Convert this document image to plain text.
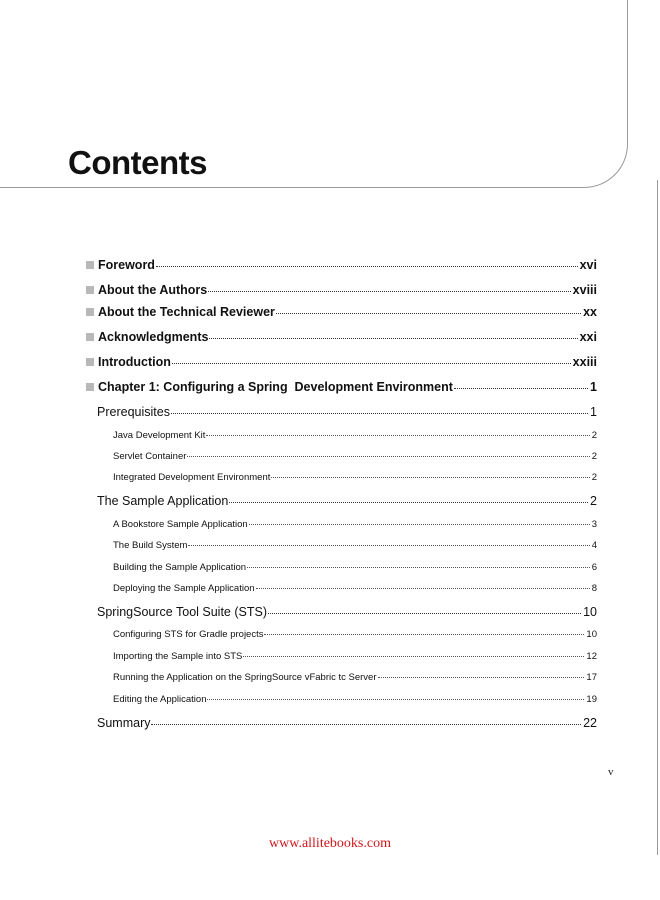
Contents
Foreword	xvi
About the Authors	xviii
About the Technical Reviewer	xx
Acknowledgments	xxi
Introduction	xxiii
Chapter 1: Configuring a Spring  Development Environment	1
Prerequisites	1
Java Development Kit	2
Servlet Container	2
Integrated Development Environment	2
The Sample Application	2
A Bookstore Sample Application	3
The Build System	4
Building the Sample Application	6
Deploying the Sample Application	8
SpringSource Tool Suite (STS)	10
Configuring STS for Gradle projects	10
Importing the Sample into STS	12
Running the Application on the SpringSource vFabric tc Server	17
Editing the Application	19
Summary	22

v

www.allitebooks.com
